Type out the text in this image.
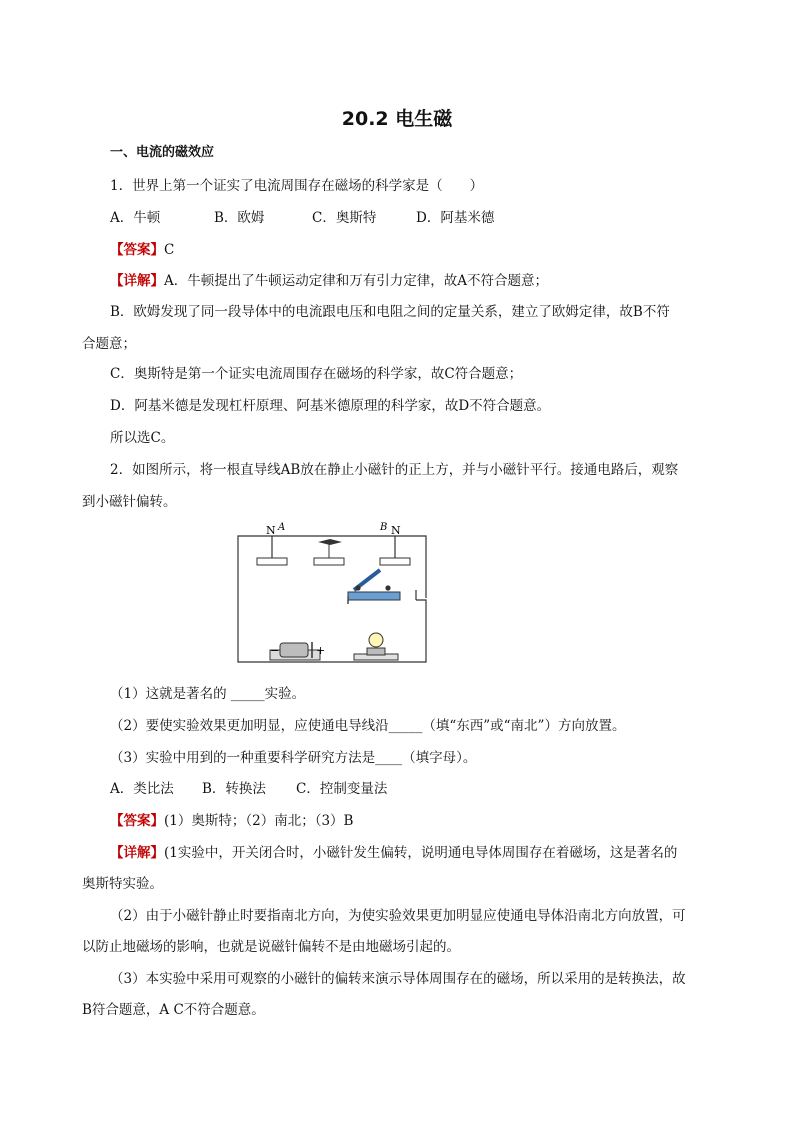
20.2 电生磁
一、电流的磁效应
1．世界上第一个证实了电流周围存在磁场的科学家是（　　）
A．牛顿	B．欧姆	C．奥斯特	D．阿基米德
【答案】C
【详解】A．牛顿提出了牛顿运动定律和万有引力定律，故A不符合题意；
B．欧姆发现了同一段导体中的电流跟电压和电阻之间的定量关系，建立了欧姆定律，故B不符
合题意；
C．奥斯特是第一个证实电流周围存在磁场的科学家，故C符合题意；
D．阿基米德是发现杠杆原理、阿基米德原理的科学家，故D不符合题意。
所以选C。
2．如图所示，将一根直导线AB放在静止小磁针的正上方，并与小磁针平行。接通电路后，观察
到小磁针偏转。
N A	B N
−	+
（1）这就是著名的 _____实验。
（2）要使实验效果更加明显，应使通电导线沿_____（填“东西”或“南北”）方向放置。
（3）实验中用到的一种重要科学研究方法是____（填字母）。
A．类比法 B．转换法 C．控制变量法
【答案】(1）奥斯特；（2）南北；（3）B
【详解】(1实验中，开关闭合时，小磁针发生偏转，说明通电导体周围存在着磁场，这是著名的
奥斯特实验。
（2）由于小磁针静止时要指南北方向，为使实验效果更加明显应使通电导体沿南北方向放置，可
以防止地磁场的影响，也就是说磁针偏转不是由地磁场引起的。
（3）本实验中采用可观察的小磁针的偏转来演示导体周围存在的磁场，所以采用的是转换法，故
B符合题意，A C不符合题意。
